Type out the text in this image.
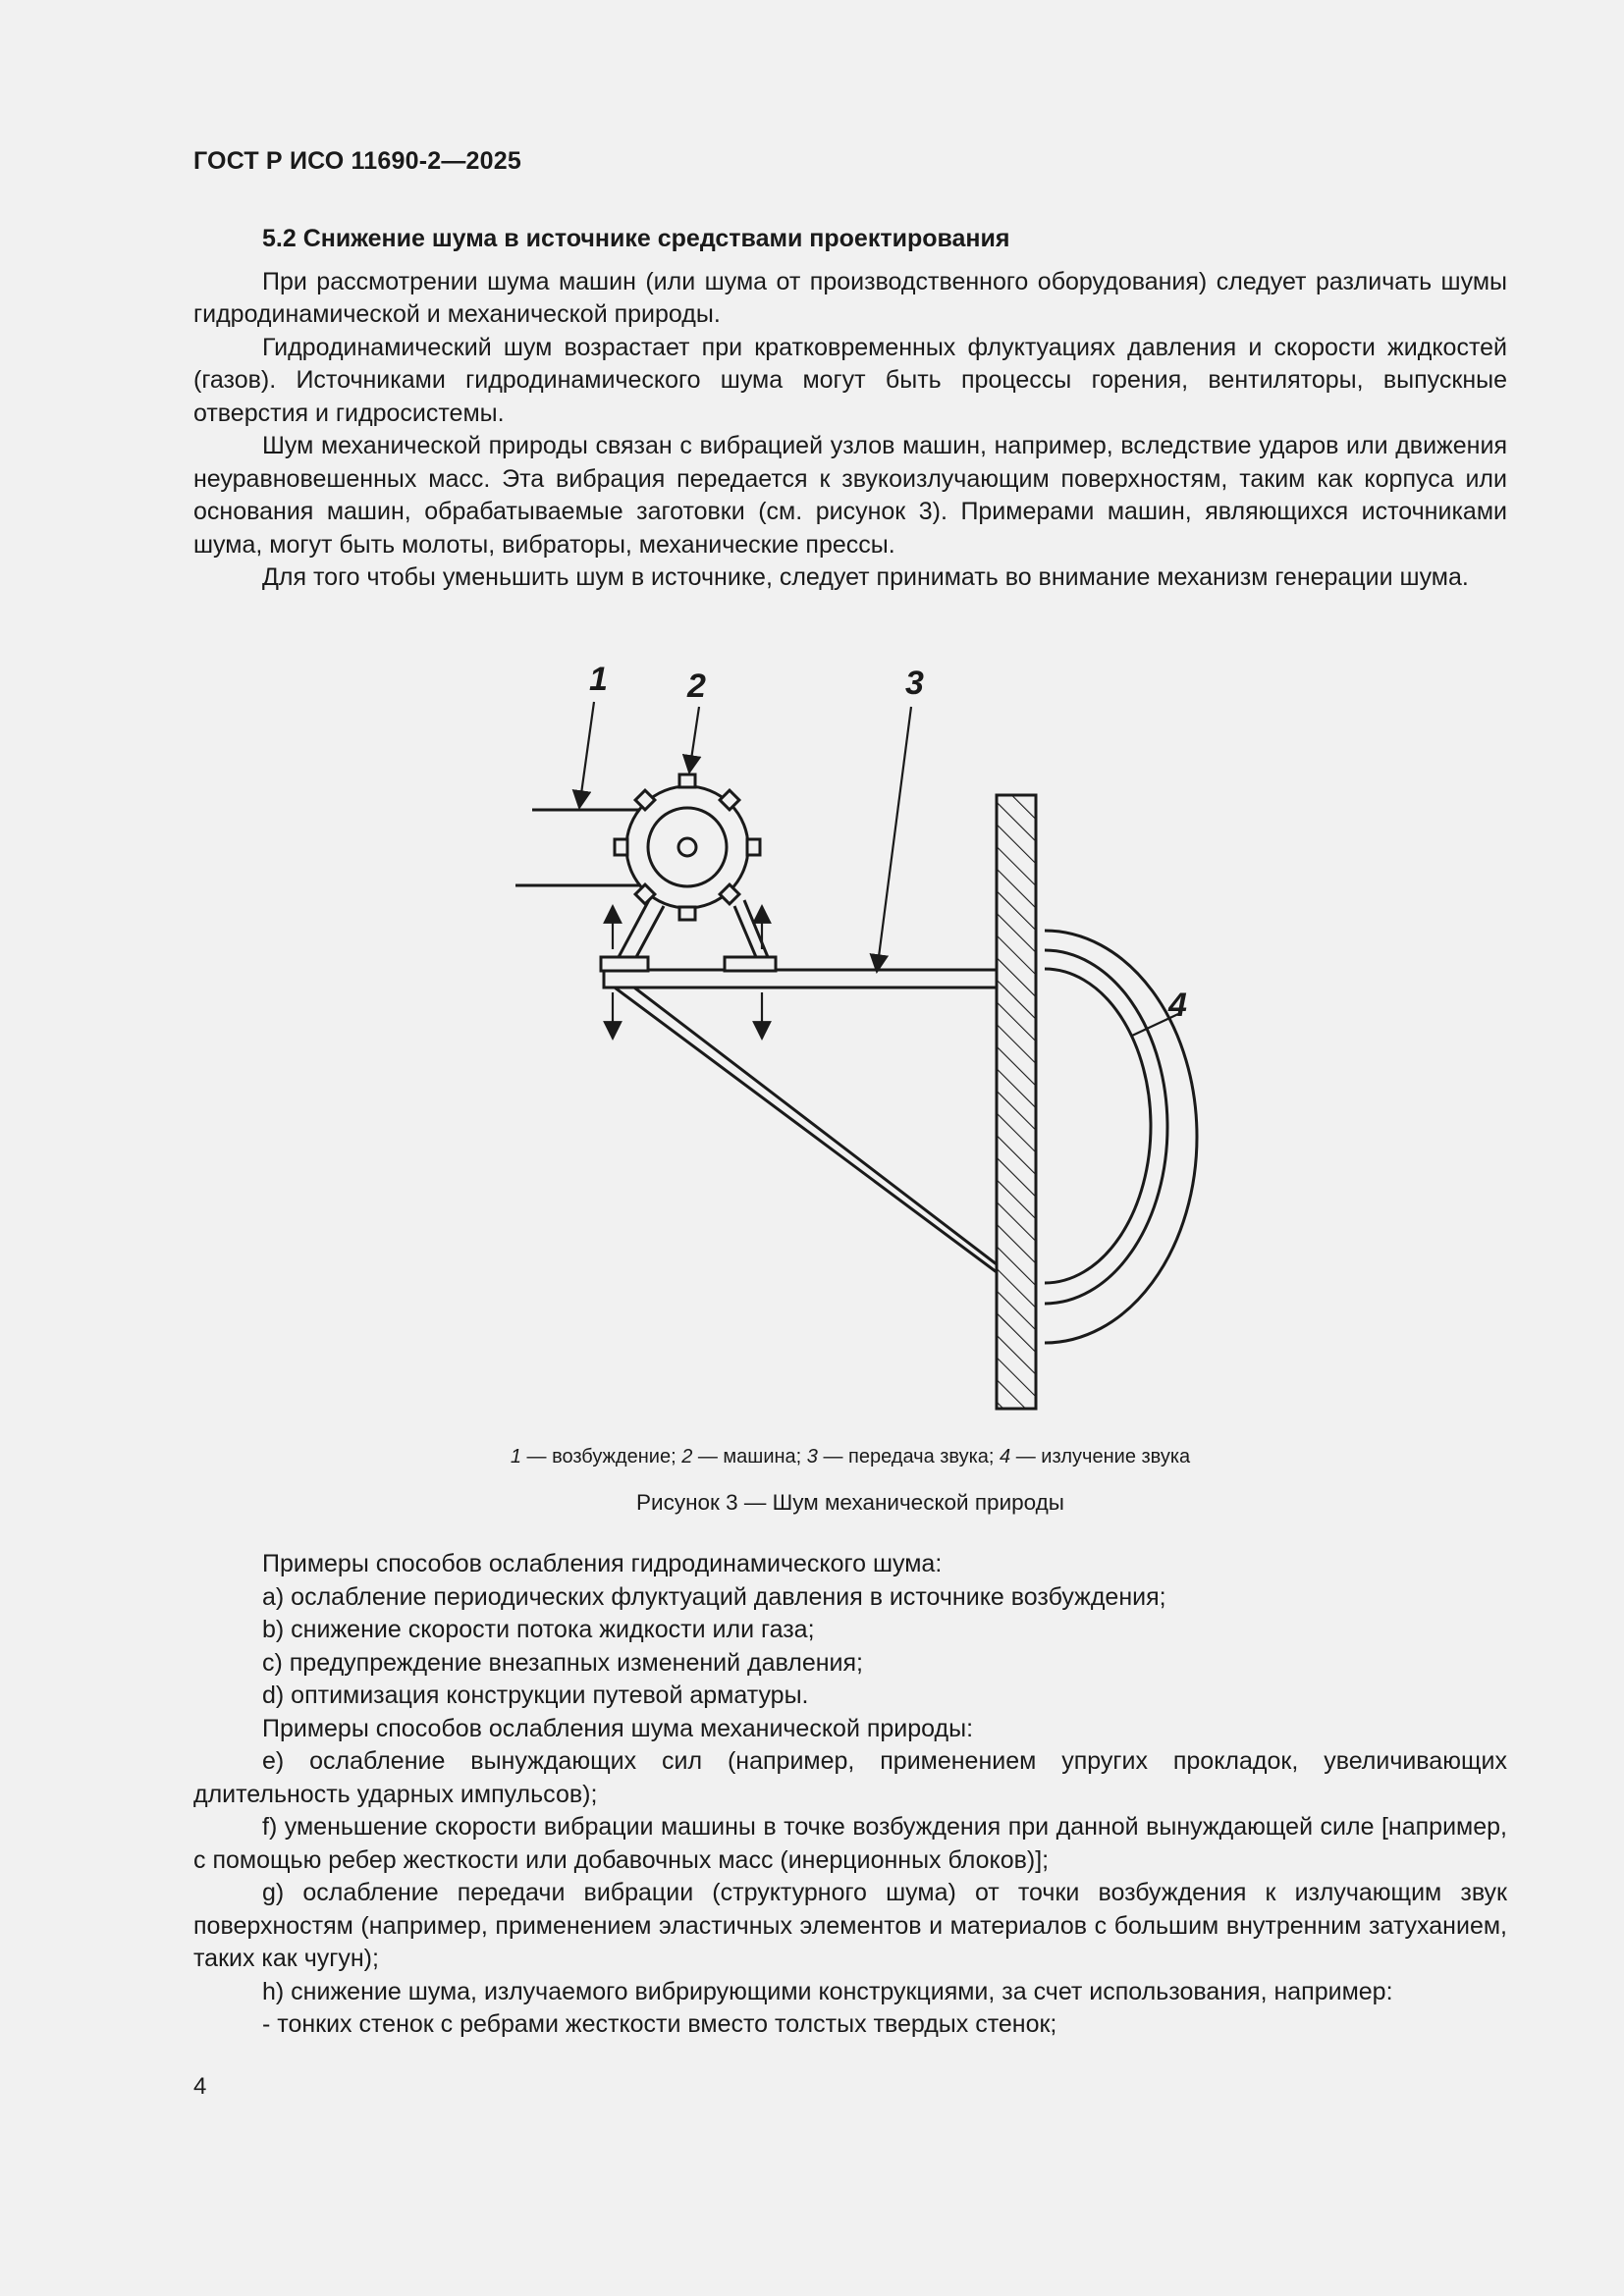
ГОСТ Р ИСО 11690-2—2025
5.2 Снижение шума в источнике средствами проектирования

При рассмотрении шума машин (или шума от производственного оборудования) следует различать шумы гидродинамической и механической природы.

Гидродинамический шум возрастает при кратковременных флуктуациях давления и скорости жидкостей (газов). Источниками гидродинамического шума могут быть процессы горения, вентиляторы, выпускные отверстия и гидросистемы.

Шум механической природы связан с вибрацией узлов машин, например, вследствие ударов или движения неуравновешенных масс. Эта вибрация передается к звукоизлучающим поверхностям, таким как корпуса или основания машин, обрабатываемые заготовки (см. рисунок 3). Примерами машин, являющихся источниками шума, могут быть молоты, вибраторы, механические прессы.

Для того чтобы уменьшить шум в источнике, следует принимать во внимание механизм генерации шума.

1 2	3
4
1 — возбуждение; 2 — машина; 3 — передача звука; 4 — излучение звука
Рисунок 3 — Шум механической природы

Примеры способов ослабления гидродинамического шума:

a) ослабление периодических флуктуаций давления в источнике возбуждения;

b) снижение скорости потока жидкости или газа;

c) предупреждение внезапных изменений давления;

d) оптимизация конструкции путевой арматуры.

Примеры способов ослабления шума механической природы:

e) ослабление вынуждающих сил (например, применением упругих прокладок, увеличивающих длительность ударных импульсов);

f) уменьшение скорости вибрации машины в точке возбуждения при данной вынуждающей силе [например, с помощью ребер жесткости или добавочных масс (инерционных блоков)];

g) ослабление передачи вибрации (структурного шума) от точки возбуждения к излучающим звук поверхностям (например, применением эластичных элементов и материалов с большим внутренним затуханием, таких как чугун);

h) снижение шума, излучаемого вибрирующими конструкциями, за счет использования, например:

- тонких стенок с ребрами жесткости вместо толстых твердых стенок;

4
